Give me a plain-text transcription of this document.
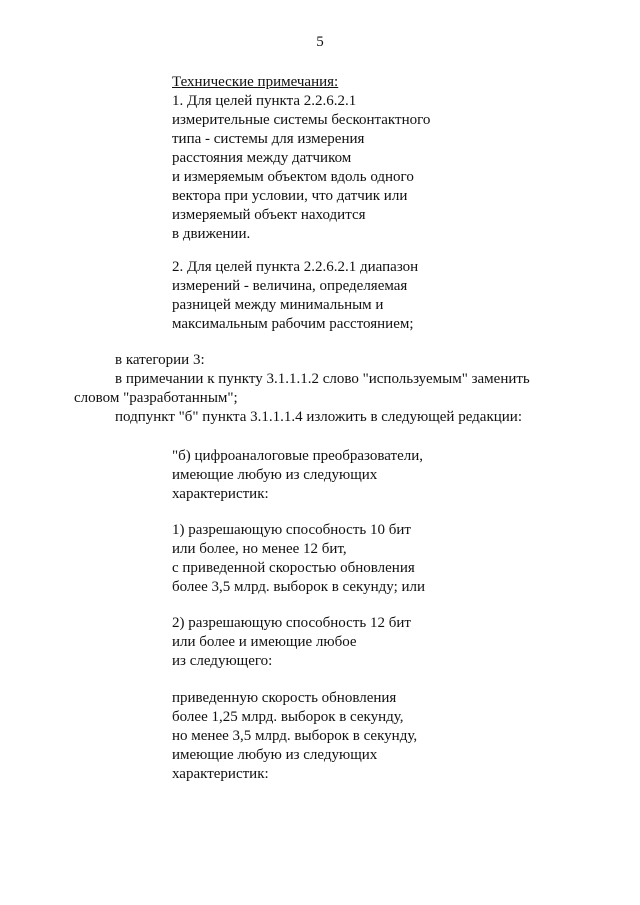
5
Технические примечания:
1. Для целей пункта 2.2.6.2.1
измерительные системы бесконтактного
типа - системы для измерения
расстояния между датчиком
и измеряемым объектом вдоль одного
вектора при условии, что датчик или
измеряемый объект находится
в движении.
2. Для целей пункта 2.2.6.2.1 диапазон
измерений - величина, определяемая
разницей между минимальным и
максимальным рабочим расстоянием;
в категории 3:
в примечании к пункту 3.1.1.1.2 слово "используемым" заменить
словом "разработанным";
подпункт "б" пункта 3.1.1.1.4 изложить в следующей редакции:
"б) цифроаналоговые преобразователи,
имеющие любую из следующих
характеристик:
1) разрешающую способность 10 бит
или более, но менее 12 бит,
с приведенной скоростью обновления
более 3,5 млрд. выборок в секунду; или
2) разрешающую способность 12 бит
или более и имеющие любое
из следующего:
приведенную скорость обновления
более 1,25 млрд. выборок в секунду,
но менее 3,5 млрд. выборок в секунду,
имеющие любую из следующих
характеристик:
